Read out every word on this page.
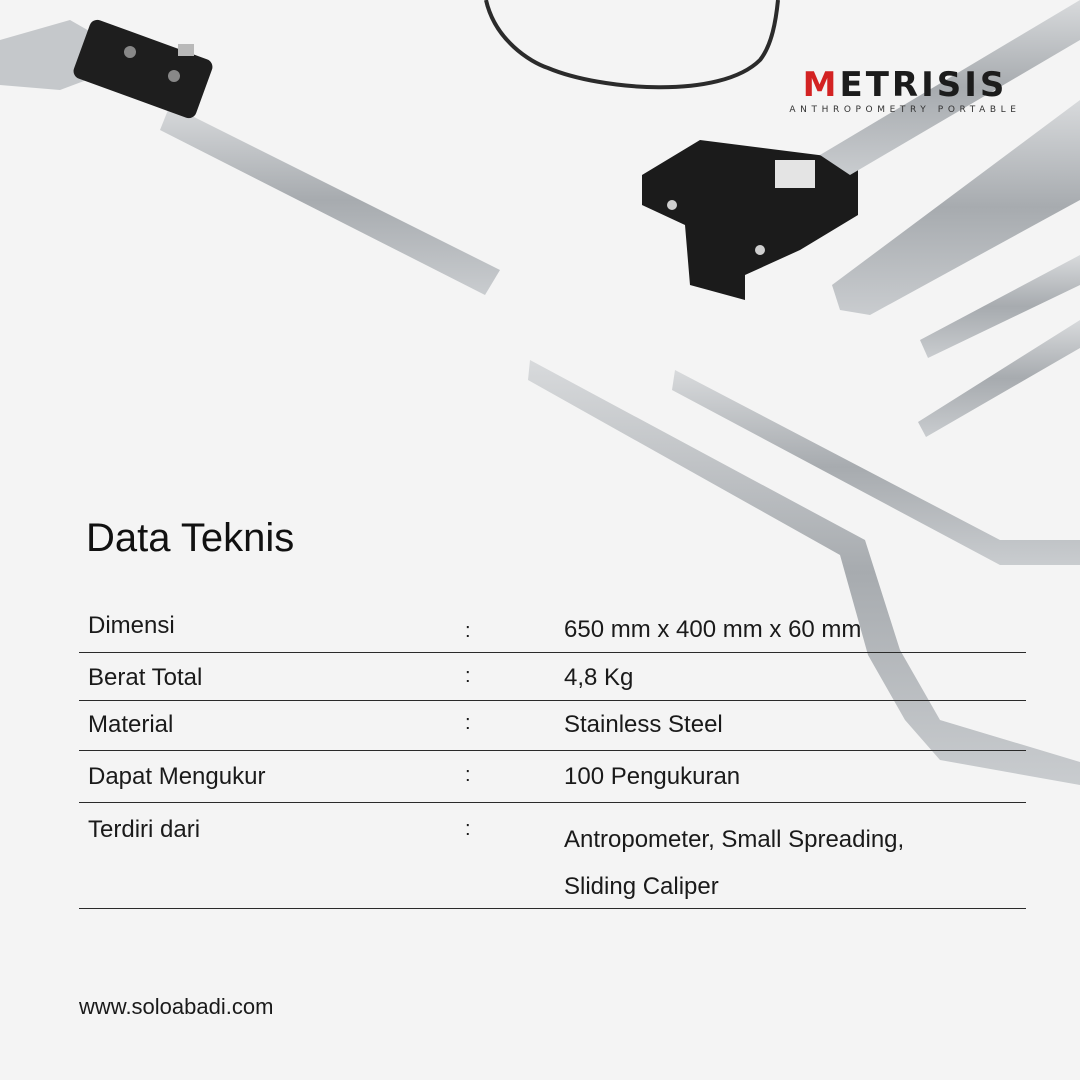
METRISIS
ANTHROPOMETRY PORTABLE
Data Teknis
Dimensi	:	650 mm x 400 mm x 60 mm
Berat Total	:	4,8 Kg
Material	:	Stainless Steel
Dapat Mengukur	:	100 Pengukuran
Terdiri dari	:	Antropometer, Small Spreading,
Sliding Caliper
www.soloabadi.com
